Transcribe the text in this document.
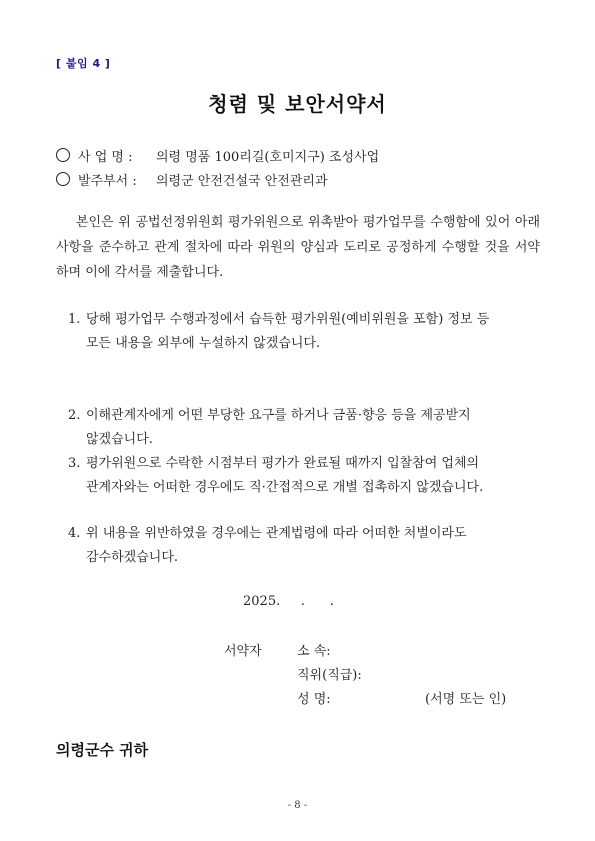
[ 붙임 4 ]
청렴 및 보안서약서
사 업 명 : 의령 명품 100리길(호미지구) 조성사업
발주부서 : 의령군 안전건설국 안전관리과
본인은 위 공법선정위원회 평가위원으로 위촉받아 평가업무를 수행함에 있어 아래사항을 준수하고 관계 절차에 따라 위원의 양심과 도리로 공정하게 수행할 것을 서약하며 이에 각서를 제출합니다.
1. 당해 평가업무 수행과정에서 습득한 평가위원(예비위원을 포함) 정보 등
모든 내용을 외부에 누설하지 않겠습니다.
2. 이해관계자에게 어떤 부당한 요구를 하거나 금품·향응 등을 제공받지
않겠습니다.
3. 평가위원으로 수락한 시점부터 평가가 완료될 때까지 입찰참여 업체의
관계자와는 어떠한 경우에도 직·간접적으로 개별 접촉하지 않겠습니다.
4. 위 내용을 위반하였을 경우에는 관계법령에 따라 어떠한 처벌이라도
감수하겠습니다.
2025.     .      .
서약자	소 속:
직위(직급):
성 명:	(서명 또는 인)
의령군수 귀하
- 8 -
